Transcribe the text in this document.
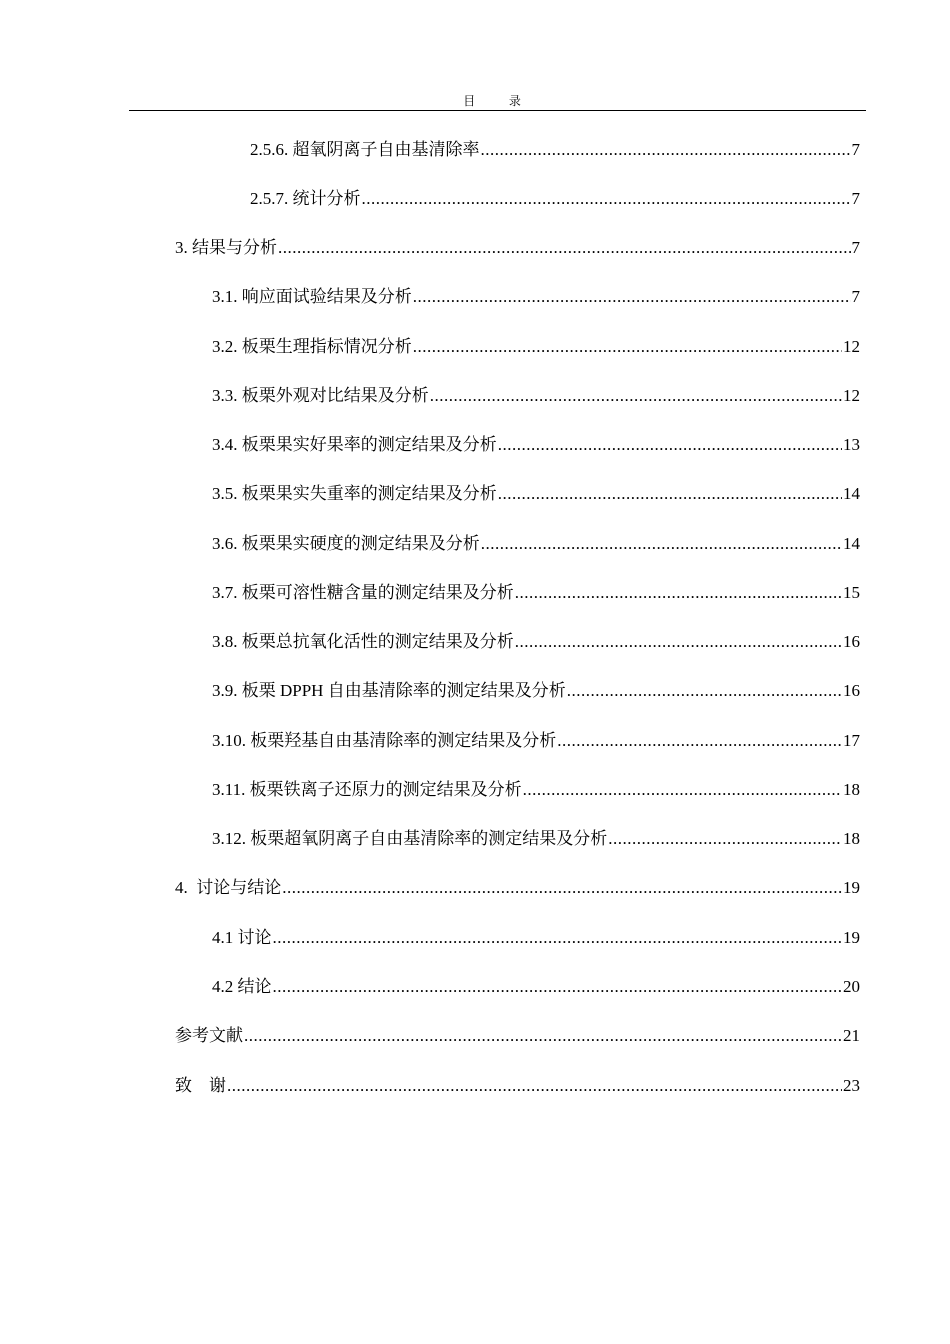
目　录
2.5.6. 超氧阴离子自由基清除率 .....	7
2.5.7. 统计分析 .....	7
3. 结果与分析 .....	7
3.1. 响应面试验结果及分析 .....	7
3.2. 板栗生理指标情况分析 .....	12
3.3. 板栗外观对比结果及分析 .....	12
3.4. 板栗果实好果率的测定结果及分析 .....	13
3.5. 板栗果实失重率的测定结果及分析 .....	14
3.6. 板栗果实硬度的测定结果及分析 .....	14
3.7. 板栗可溶性糖含量的测定结果及分析 .....	15
3.8. 板栗总抗氧化活性的测定结果及分析 .....	16
3.9. 板栗 DPPH 自由基清除率的测定结果及分析 .....	16
3.10. 板栗羟基自由基清除率的测定结果及分析 .....	17
3.11. 板栗铁离子还原力的测定结果及分析 .....	18
3.12. 板栗超氧阴离子自由基清除率的测定结果及分析 .....	18
4.  讨论与结论 .....	19
4.1 讨论 .....	19
4.2 结论 .....	20
参考文献 .....	21
致　谢 .....	23
